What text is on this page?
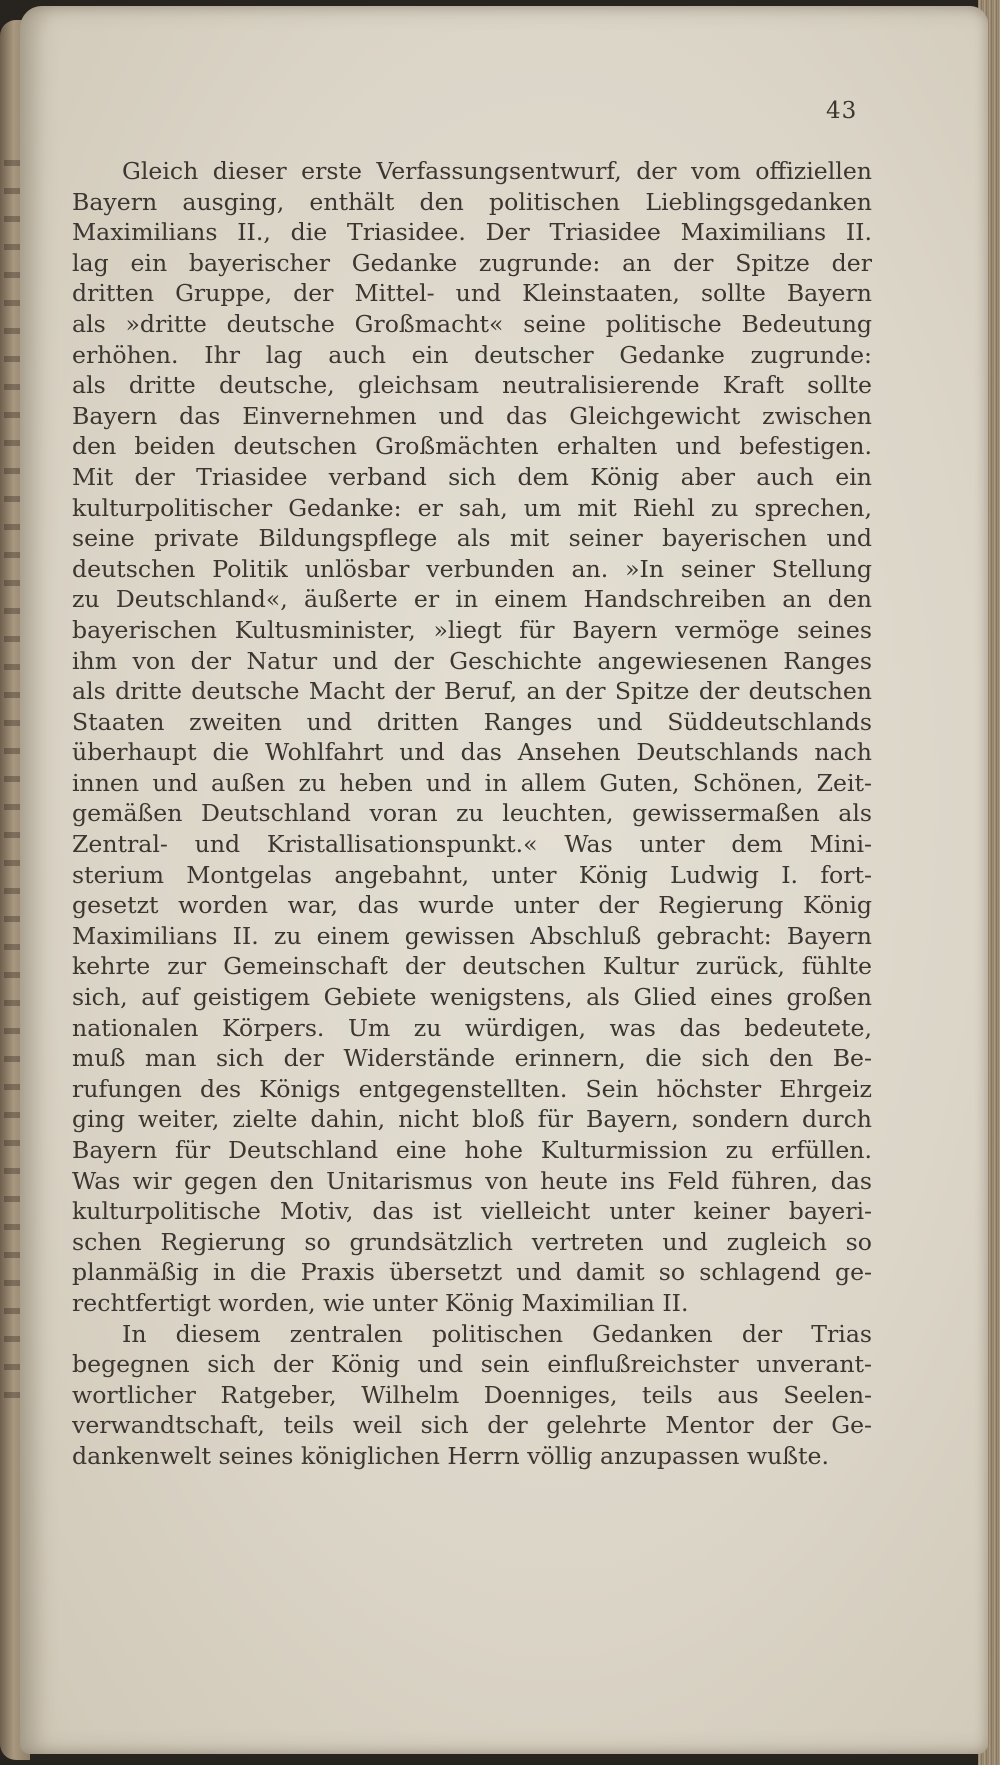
43
Gleich dieser erste Verfassungsentwurf, der vom offiziellen
Bayern ausging, enthält den politischen Lieblingsgedanken
Maximilians II., die Triasidee. Der Triasidee Maximilians II.
lag ein bayerischer Gedanke zugrunde: an der Spitze der
dritten Gruppe, der Mittel- und Kleinstaaten, sollte Bayern
als »dritte deutsche Großmacht« seine politische Bedeutung
erhöhen. Ihr lag auch ein deutscher Gedanke zugrunde:
als dritte deutsche, gleichsam neutralisierende Kraft sollte
Bayern das Einvernehmen und das Gleichgewicht zwischen
den beiden deutschen Großmächten erhalten und befestigen.
Mit der Triasidee verband sich dem König aber auch ein
kulturpolitischer Gedanke: er sah, um mit Riehl zu sprechen,
seine private Bildungspflege als mit seiner bayerischen und
deutschen Politik unlösbar verbunden an. »In seiner Stellung
zu Deutschland«, äußerte er in einem Handschreiben an den
bayerischen Kultusminister, »liegt für Bayern vermöge seines
ihm von der Natur und der Geschichte angewiesenen Ranges
als dritte deutsche Macht der Beruf, an der Spitze der deutschen
Staaten zweiten und dritten Ranges und Süddeutschlands
überhaupt die Wohlfahrt und das Ansehen Deutschlands nach
innen und außen zu heben und in allem Guten, Schönen, Zeit-
gemäßen Deutschland voran zu leuchten, gewissermaßen als
Zentral- und Kristallisationspunkt.« Was unter dem Mini-
sterium Montgelas angebahnt, unter König Ludwig I. fort-
gesetzt worden war, das wurde unter der Regierung König
Maximilians II. zu einem gewissen Abschluß gebracht: Bayern
kehrte zur Gemeinschaft der deutschen Kultur zurück, fühlte
sich, auf geistigem Gebiete wenigstens, als Glied eines großen
nationalen Körpers. Um zu würdigen, was das bedeutete,
muß man sich der Widerstände erinnern, die sich den Be-
rufungen des Königs entgegenstellten. Sein höchster Ehrgeiz
ging weiter, zielte dahin, nicht bloß für Bayern, sondern durch
Bayern für Deutschland eine hohe Kulturmission zu erfüllen.
Was wir gegen den Unitarismus von heute ins Feld führen, das
kulturpolitische Motiv, das ist vielleicht unter keiner bayeri-
schen Regierung so grundsätzlich vertreten und zugleich so
planmäßig in die Praxis übersetzt und damit so schlagend ge-
rechtfertigt worden, wie unter König Maximilian II.
In diesem zentralen politischen Gedanken der Trias
begegnen sich der König und sein einflußreichster unverant-
wortlicher Ratgeber, Wilhelm Doenniges, teils aus Seelen-
verwandtschaft, teils weil sich der gelehrte Mentor der Ge-
dankenwelt seines königlichen Herrn völlig anzupassen wußte.
